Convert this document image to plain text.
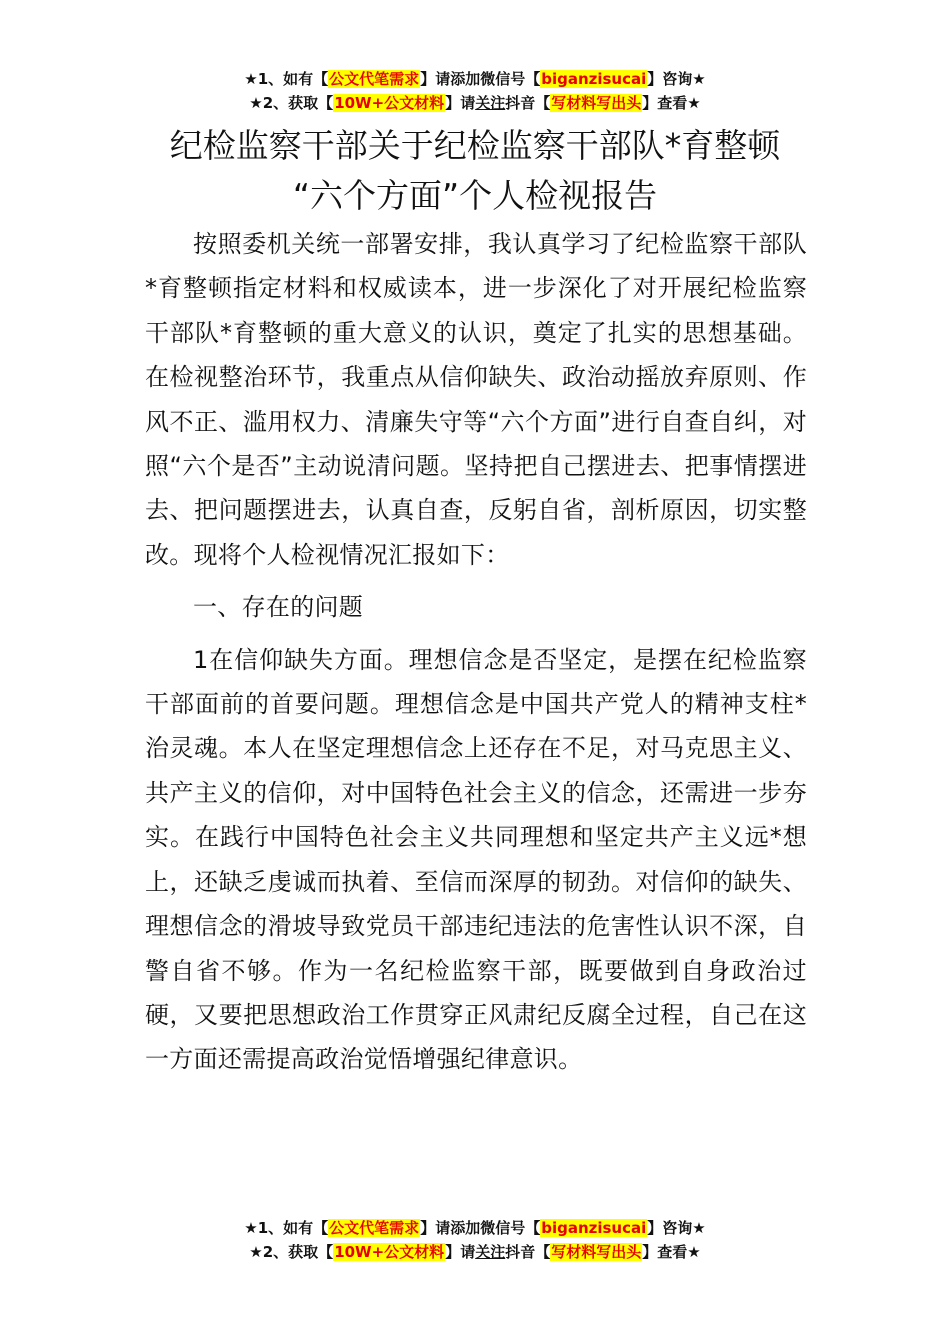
★1、如有【公文代笔需求】请添加微信号【biganzisucai】咨询★
★2、获取【10W+公文材料】请关注抖音【写材料写出头】查看★
纪检监察干部关于纪检监察干部队*育整顿
“六个方面”个人检视报告

按照委机关统一部署安排，我认真学习了纪检监察干部队*育整顿指定材料和权威读本，进一步深化了对开展纪检监察干部队*育整顿的重大意义的认识，奠定了扎实的思想基础。在检视整治环节，我重点从信仰缺失、政治动摇放弃原则、作风不正、滥用权力、清廉失守等“六个方面”进行自查自纠，对照“六个是否”主动说清问题。坚持把自己摆进去、把事情摆进去、把问题摆进去，认真自查，反躬自省，剖析原因，切实整改。现将个人检视情况汇报如下：

一、存在的问题

1在信仰缺失方面。理想信念是否坚定，是摆在纪检监察干部面前的首要问题。理想信念是中国共产党人的精神支柱*治灵魂。本人在坚定理想信念上还存在不足，对马克思主义、共产主义的信仰，对中国特色社会主义的信念，还需进一步夯实。在践行中国特色社会主义共同理想和坚定共产主义远*想上，还缺乏虔诚而执着、至信而深厚的韧劲。对信仰的缺失、理想信念的滑坡导致党员干部违纪违法的危害性认识不深，自警自省不够。作为一名纪检监察干部，既要做到自身政治过硬，又要把思想政治工作贯穿正风肃纪反腐全过程，自己在这一方面还需提高政治觉悟增强纪律意识。

★1、如有【公文代笔需求】请添加微信号【biganzisucai】咨询★
★2、获取【10W+公文材料】请关注抖音【写材料写出头】查看★
